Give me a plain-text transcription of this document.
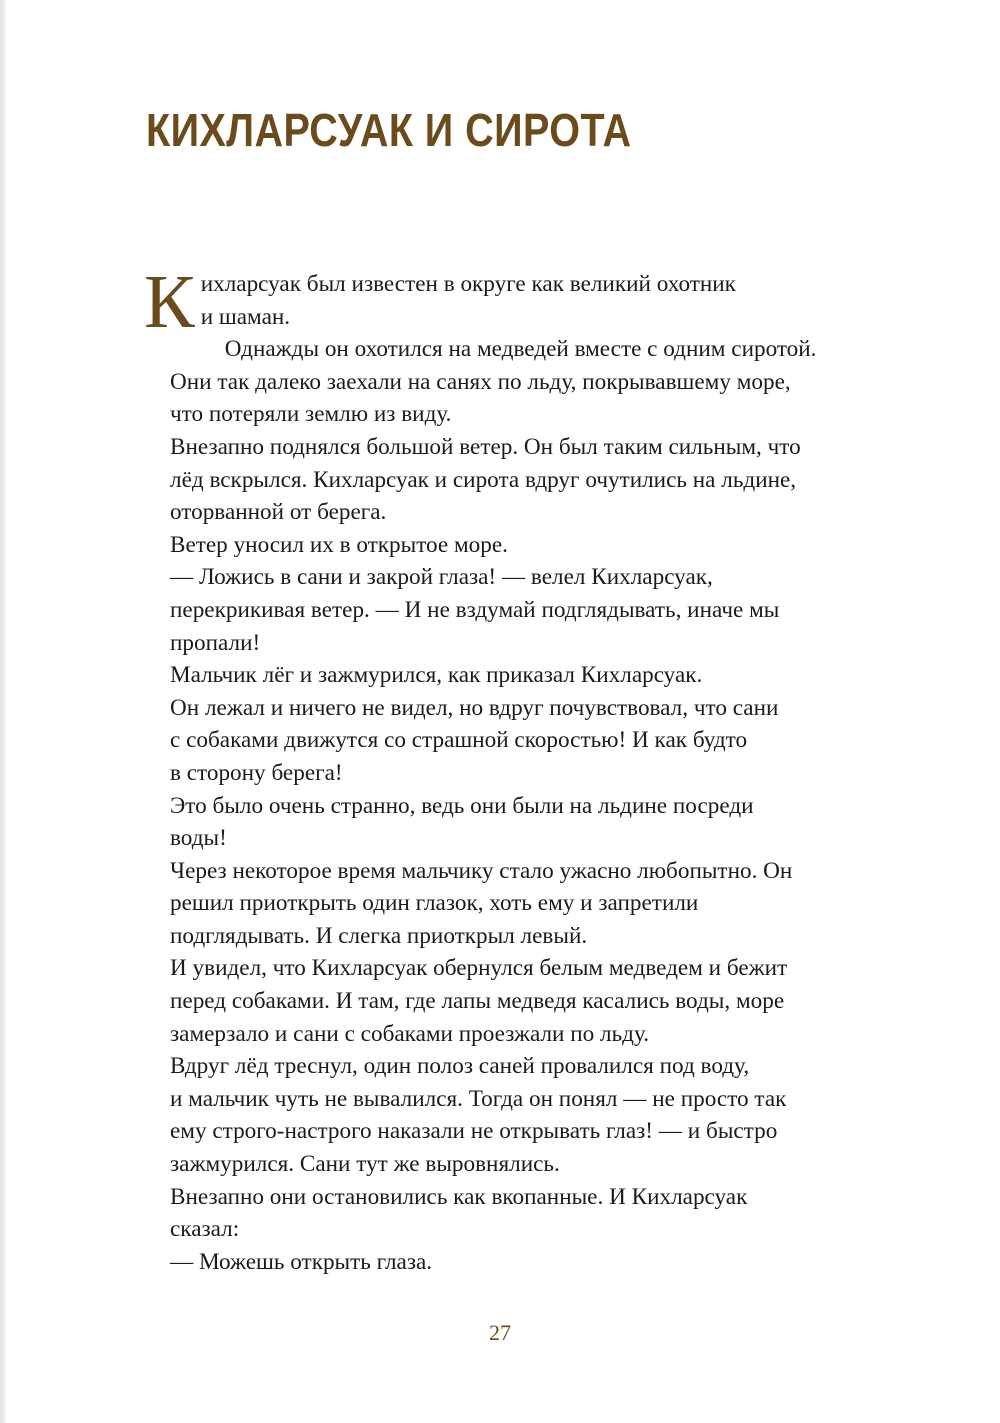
КИХЛАРСУАК И СИРОТА

К ихларсуак был известен в округе как великий охотник
и шаман.

Однажды он охотился на медведей вместе с одним сиротой.
Они так далеко заехали на санях по льду, покрывавшему море,
что потеряли землю из виду.

Внезапно поднялся большой ветер. Он был таким сильным, что
лёд вскрылся. Кихларсуак и сирота вдруг очутились на льдине,
оторванной от берега.

Ветер уносил их в открытое море.

— Ложись в сани и закрой глаза! — велел Кихларсуак,
перекрикивая ветер. — И не вздумай подглядывать, иначе мы
пропали!

Мальчик лёг и зажмурился, как приказал Кихларсуак.

Он лежал и ничего не видел, но вдруг почувствовал, что сани
с собаками движутся со страшной скоростью! И как будто
в сторону берега!

Это было очень странно, ведь они были на льдине посреди
воды!

Через некоторое время мальчику стало ужасно любопытно. Он
решил приоткрыть один глазок, хоть ему и запретили
подглядывать. И слегка приоткрыл левый.

И увидел, что Кихларсуак обернулся белым медведем и бежит
перед собаками. И там, где лапы медведя касались воды, море
замерзало и сани с собаками проезжали по льду.

Вдруг лёд треснул, один полоз саней провалился под воду,
и мальчик чуть не вывалился. Тогда он понял — не просто так
ему строго-настрого наказали не открывать глаз! — и быстро
зажмурился. Сани тут же выровнялись.

Внезапно они остановились как вкопанные. И Кихларсуак
сказал:

— Можешь открыть глаза.

27
